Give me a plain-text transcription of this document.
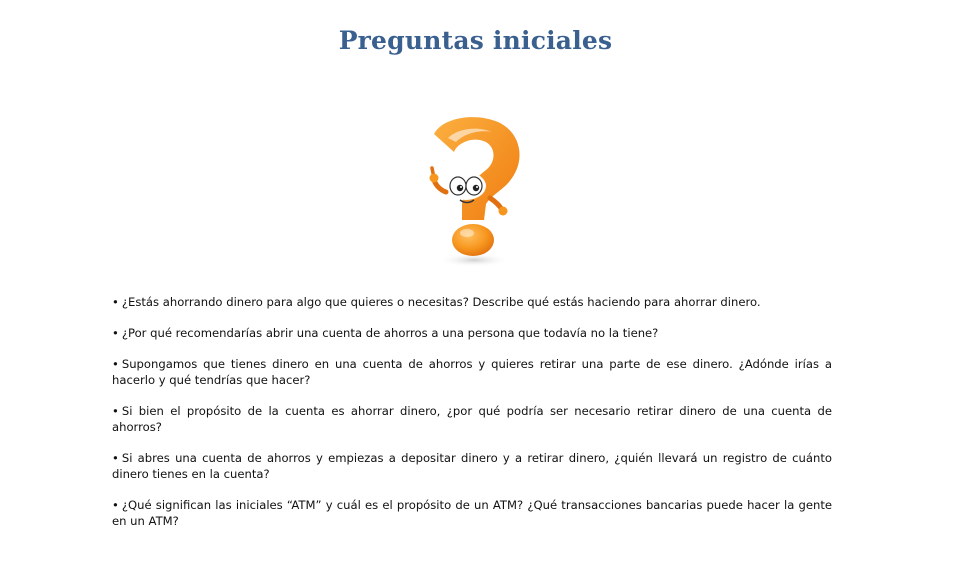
Preguntas iniciales
• ¿Estás ahorrando dinero para algo que quieres o necesitas? Describe qué estás haciendo para ahorrar dinero.
• ¿Por qué recomendarías abrir una cuenta de ahorros a una persona que todavía no la tiene?
• Supongamos que tienes dinero en una cuenta de ahorros y quieres retirar una parte de ese dinero. ¿Adónde irías a hacerlo y qué tendrías que hacer?
• Si bien el propósito de la cuenta es ahorrar dinero, ¿por qué podría ser necesario retirar dinero de una cuenta de ahorros?
• Si abres una cuenta de ahorros y empiezas a depositar dinero y a retirar dinero, ¿quién llevará un registro de cuánto dinero tienes en la cuenta?
• ¿Qué significan las iniciales “ATM” y cuál es el propósito de un ATM? ¿Qué transacciones bancarias puede hacer la gente en un ATM?
